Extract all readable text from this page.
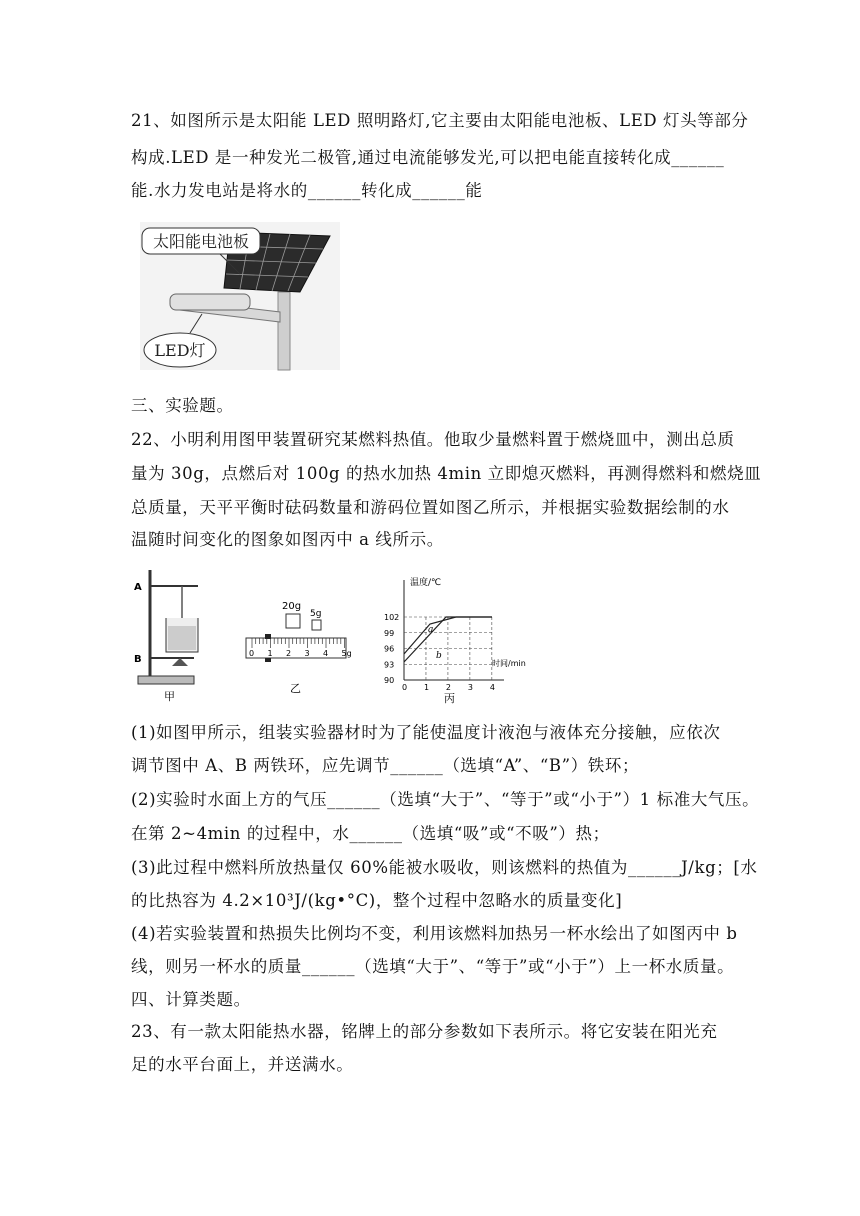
21、如图所示是太阳能 LED 照明路灯,它主要由太阳能电池板、LED 灯头等部分
构成.LED 是一种发光二极管,通过电流能够发光,可以把电能直接转化成______
能.水力发电站是将水的______转化成______能
太阳能电池板
LED灯
三、实验题。
22、小明利用图甲装置研究某燃料热值。他取少量燃料置于燃烧皿中，测出总质
量为 30g，点燃后对 100g 的热水加热 4min 立即熄灭燃料，再测得燃料和燃烧皿
总质量，天平平衡时砝码数量和游码位置如图乙所示，并根据实验数据绘制的水
温随时间变化的图象如图丙中 a 线所示。
A
B
甲
20g
5g
0 1 2 3 4 5g
乙
温度/℃
时间/min
102
99
96
93
90
0 1 2 3 4
a
b
丙
(1)如图甲所示，组装实验器材时为了能使温度计液泡与液体充分接触，应依次
调节图中 A、B 两铁环，应先调节______（选填“A”、“B”）铁环；
(2)实验时水面上方的气压______（选填“大于”、“等于”或“小于”）1 标准大气压。
在第 2~4min 的过程中，水______（选填“吸”或“不吸”）热；
(3)此过程中燃料所放热量仅 60%能被水吸收，则该燃料的热值为______J/kg；[水
的比热容为 4.2×10³J/(kg•°C)，整个过程中忽略水的质量变化]
(4)若实验装置和热损失比例均不变，利用该燃料加热另一杯水绘出了如图丙中 b
线，则另一杯水的质量______（选填“大于”、“等于”或“小于”）上一杯水质量。
四、计算类题。
23、有一款太阳能热水器，铭牌上的部分参数如下表所示。将它安装在阳光充
足的水平台面上，并送满水。
